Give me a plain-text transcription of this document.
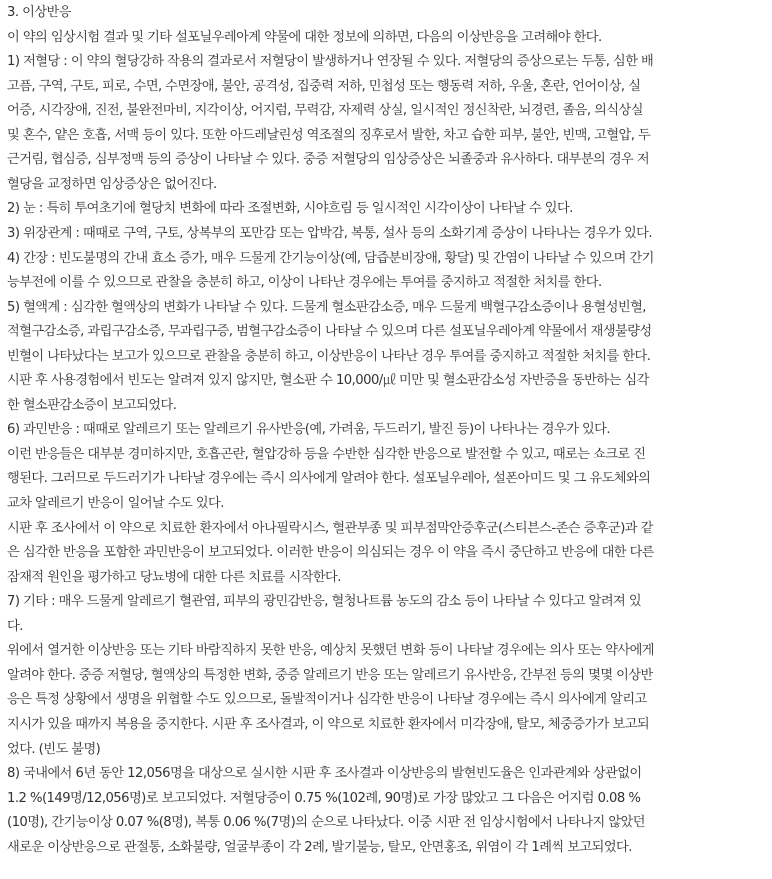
3. 이상반응
이 약의 임상시험 결과 및 기타 설포닐우레아계 약물에 대한 정보에 의하면, 다음의 이상반응을 고려해야 한다.
1) 저혈당 : 이 약의 혈당강하 작용의 결과로서 저혈당이 발생하거나 연장될 수 있다. 저혈당의 증상으로는 두통, 심한 배
고픔, 구역, 구토, 피로, 수면, 수면장애, 불안, 공격성, 집중력 저하, 민첩성 또는 행동력 저하, 우울, 혼란, 언어이상, 실
어증, 시각장애, 진전, 불완전마비, 지각이상, 어지럼, 무력감, 자제력 상실, 일시적인 정신착란, 뇌경련, 졸음, 의식상실
및 혼수, 얕은 호흡, 서맥 등이 있다. 또한 아드레날린성 역조절의 징후로서 발한, 차고 습한 피부, 불안, 빈맥, 고혈압, 두
근거림, 협심증, 심부정맥 등의 증상이 나타날 수 있다. 중증 저혈당의 임상증상은 뇌졸중과 유사하다. 대부분의 경우 저
혈당을 교정하면 임상증상은 없어진다.
2) 눈 : 특히 투여초기에 혈당치 변화에 따라 조절변화, 시야흐림 등 일시적인 시각이상이 나타날 수 있다.
3) 위장관계 : 때때로 구역, 구토, 상복부의 포만감 또는 압박감, 복통, 설사 등의 소화기계 증상이 나타나는 경우가 있다.
4) 간장 : 빈도불명의 간내 효소 증가, 매우 드물게 간기능이상(예, 담즙분비장애, 황달) 및 간염이 나타날 수 있으며 간기
능부전에 이를 수 있으므로 관찰을 충분히 하고, 이상이 나타난 경우에는 투여를 중지하고 적절한 처치를 한다.
5) 혈액계 : 심각한 혈액상의 변화가 나타날 수 있다. 드물게 혈소판감소증, 매우 드물게 백혈구감소증이나 용혈성빈혈,
적혈구감소증, 과립구감소증, 무과립구증, 범혈구감소증이 나타날 수 있으며 다른 설포닐우레아계 약물에서 재생불량성
빈혈이 나타났다는 보고가 있으므로 관찰을 충분히 하고, 이상반응이 나타난 경우 투여를 중지하고 적절한 처치를 한다.
시판 후 사용경험에서 빈도는 알려져 있지 않지만, 혈소판 수 10,000/㎕ 미만 및 혈소판감소성 자반증을 동반하는 심각
한 혈소판감소증이 보고되었다.
6) 과민반응 : 때때로 알레르기 또는 알레르기 유사반응(예, 가려움, 두드러기, 발진 등)이 나타나는 경우가 있다.
이런 반응들은 대부분 경미하지만, 호흡곤란, 혈압강하 등을 수반한 심각한 반응으로 발전할 수 있고, 때로는 쇼크로 진
행된다. 그러므로 두드러기가 나타날 경우에는 즉시 의사에게 알려야 한다. 설포닐우레아, 설폰아미드 및 그 유도체와의
교차 알레르기 반응이 일어날 수도 있다.
시판 후 조사에서 이 약으로 치료한 환자에서 아나필락시스, 혈관부종 및 피부점막안증후군(스티븐스-존슨 증후군)과 같
은 심각한 반응을 포함한 과민반응이 보고되었다. 이러한 반응이 의심되는 경우 이 약을 즉시 중단하고 반응에 대한 다른
잠재적 원인을 평가하고 당뇨병에 대한 다른 치료를 시작한다.
7) 기타 : 매우 드물게 알레르기 혈관염, 피부의 광민감반응, 혈청나트륨 농도의 감소 등이 나타날 수 있다고 알려져 있
다.
위에서 열거한 이상반응 또는 기타 바람직하지 못한 반응, 예상치 못했던 변화 등이 나타날 경우에는 의사 또는 약사에게
알려야 한다. 중증 저혈당, 혈액상의 특정한 변화, 중증 알레르기 반응 또는 알레르기 유사반응, 간부전 등의 몇몇 이상반
응은 특정 상황에서 생명을 위협할 수도 있으므로, 돌발적이거나 심각한 반응이 나타날 경우에는 즉시 의사에게 알리고
지시가 있을 때까지 복용을 중지한다. 시판 후 조사결과, 이 약으로 치료한 환자에서 미각장애, 탈모, 체중증가가 보고되
었다. (빈도 불명)
8) 국내에서 6년 동안 12,056명을 대상으로 실시한 시판 후 조사결과 이상반응의 발현빈도율은 인과관계와 상관없이
1.2 %(149명/12,056명)로 보고되었다. 저혈당증이 0.75 %(102례, 90명)로 가장 많았고 그 다음은 어지럼 0.08 %
(10명), 간기능이상 0.07 %(8명), 복통 0.06 %(7명)의 순으로 나타났다. 이중 시판 전 임상시험에서 나타나지 않았던
새로운 이상반응으로 관절통, 소화불량, 얼굴부종이 각 2례, 발기불능, 탈모, 안면홍조, 위염이 각 1례씩 보고되었다.
